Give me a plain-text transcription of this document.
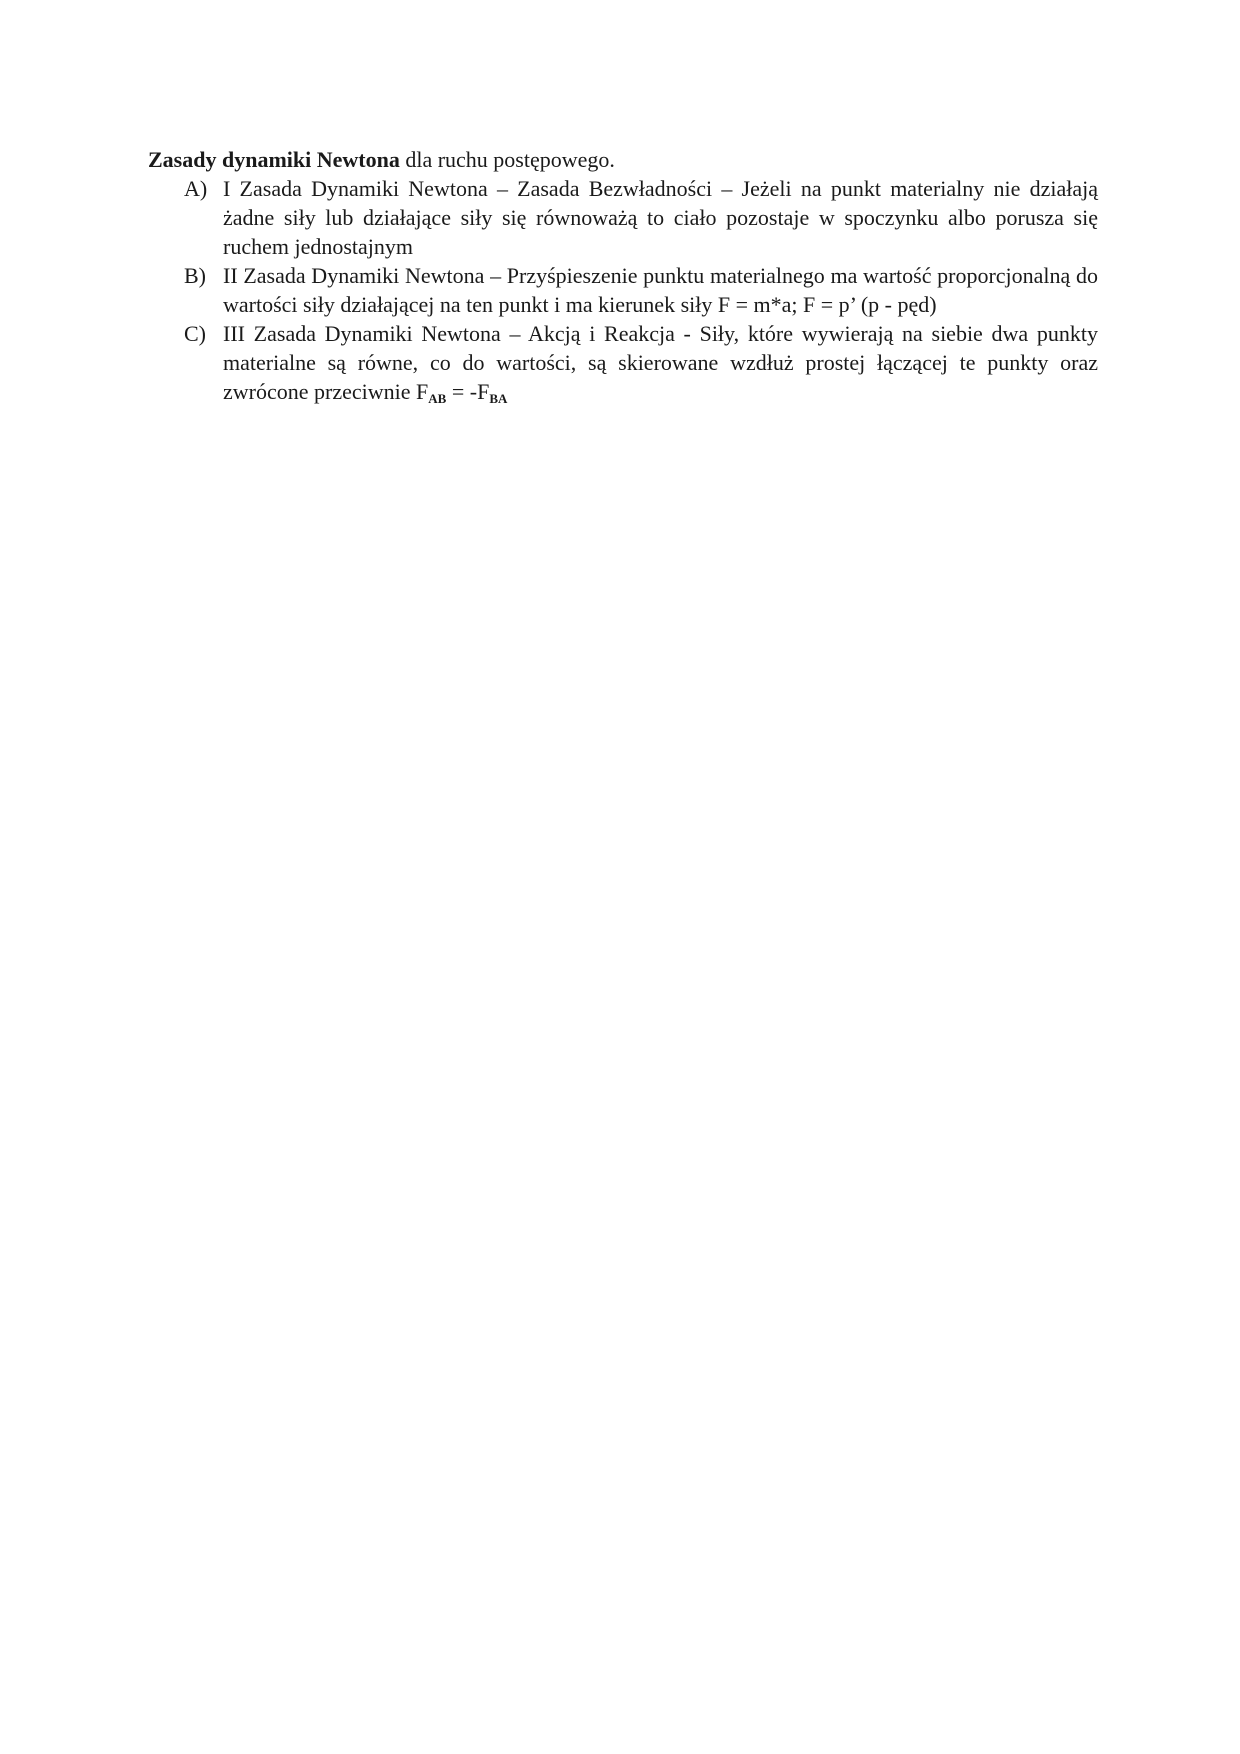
Zasady dynamiki Newtona dla ruchu postępowego.

A) I Zasada Dynamiki Newtona – Zasada Bezwładności – Jeżeli na punkt materialny nie działają żadne siły lub działające siły się równoważą to ciało pozostaje w spoczynku albo porusza się ruchem jednostajnym
B) II Zasada Dynamiki Newtona – Przyśpieszenie punktu materialnego ma wartość proporcjonalną do wartości siły działającej na ten punkt i ma kierunek siły F = m*a; F = p’ (p - pęd)
C) III Zasada Dynamiki Newtona – Akcją i Reakcja - Siły, które wywierają na siebie dwa punkty materialne są równe, co do wartości, są skierowane wzdłuż prostej łączącej te punkty oraz zwrócone przeciwnie $F_{AB} = -F_{BA}$
